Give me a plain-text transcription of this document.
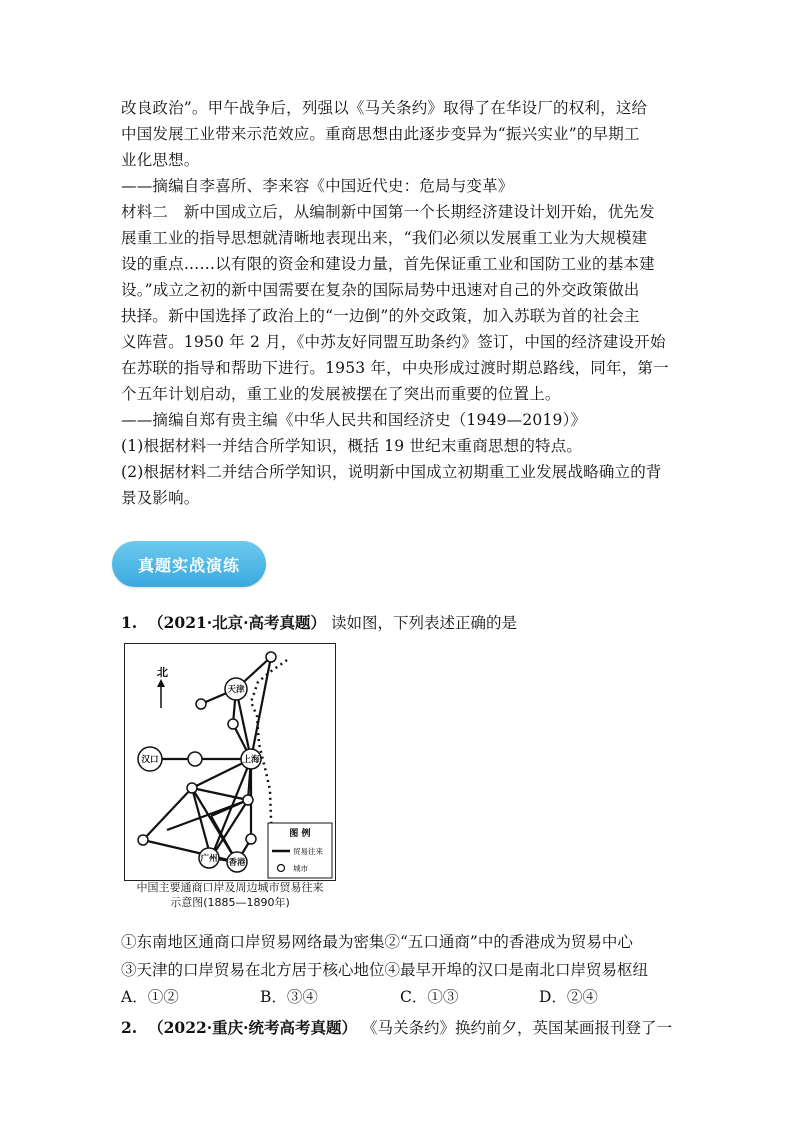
改良政治”。甲午战争后，列强以《马关条约》取得了在华设厂的权利，这给
中国发展工业带来示范效应。重商思想由此逐步变异为“振兴实业”的早期工
业化思想。
——摘编自李喜所、李来容《中国近代史：危局与变革》
材料二　新中国成立后，从编制新中国第一个长期经济建设计划开始，优先发
展重工业的指导思想就清晰地表现出来，“我们必须以发展重工业为大规模建
设的重点……以有限的资金和建设力量，首先保证重工业和国防工业的基本建
设。”成立之初的新中国需要在复杂的国际局势中迅速对自己的外交政策做出
抉择。新中国选择了政治上的“一边倒”的外交政策，加入苏联为首的社会主
义阵营。1950 年 2 月，《中苏友好同盟互助条约》签订，中国的经济建设开始
在苏联的指导和帮助下进行。1953 年，中央形成过渡时期总路线，同年，第一
个五年计划启动，重工业的发展被摆在了突出而重要的位置上。
——摘编自郑有贵主编《中华人民共和国经济史（1949—2019）》
(1)根据材料一并结合所学知识，概括 19 世纪末重商思想的特点。
(2)根据材料二并结合所学知识，说明新中国成立初期重工业发展战略确立的背
景及影响。
真题实战演练
1. （2021·北京·高考真题） 读如图，下列表述正确的是
北
天津
汉口	上海
广州 香港
图 例
贸易往来
城市
中国主要通商口岸及周边城市贸易往来
示意图(1885—1890年)
①东南地区通商口岸贸易网络最为密集②“五口通商”中的香港成为贸易中心
③天津的口岸贸易在北方居于核心地位④最早开埠的汉口是南北口岸贸易枢纽
A．①②	B．③④	C．①③	D．②④
2. （2022·重庆·统考高考真题） 《马关条约》换约前夕，英国某画报刊登了一
